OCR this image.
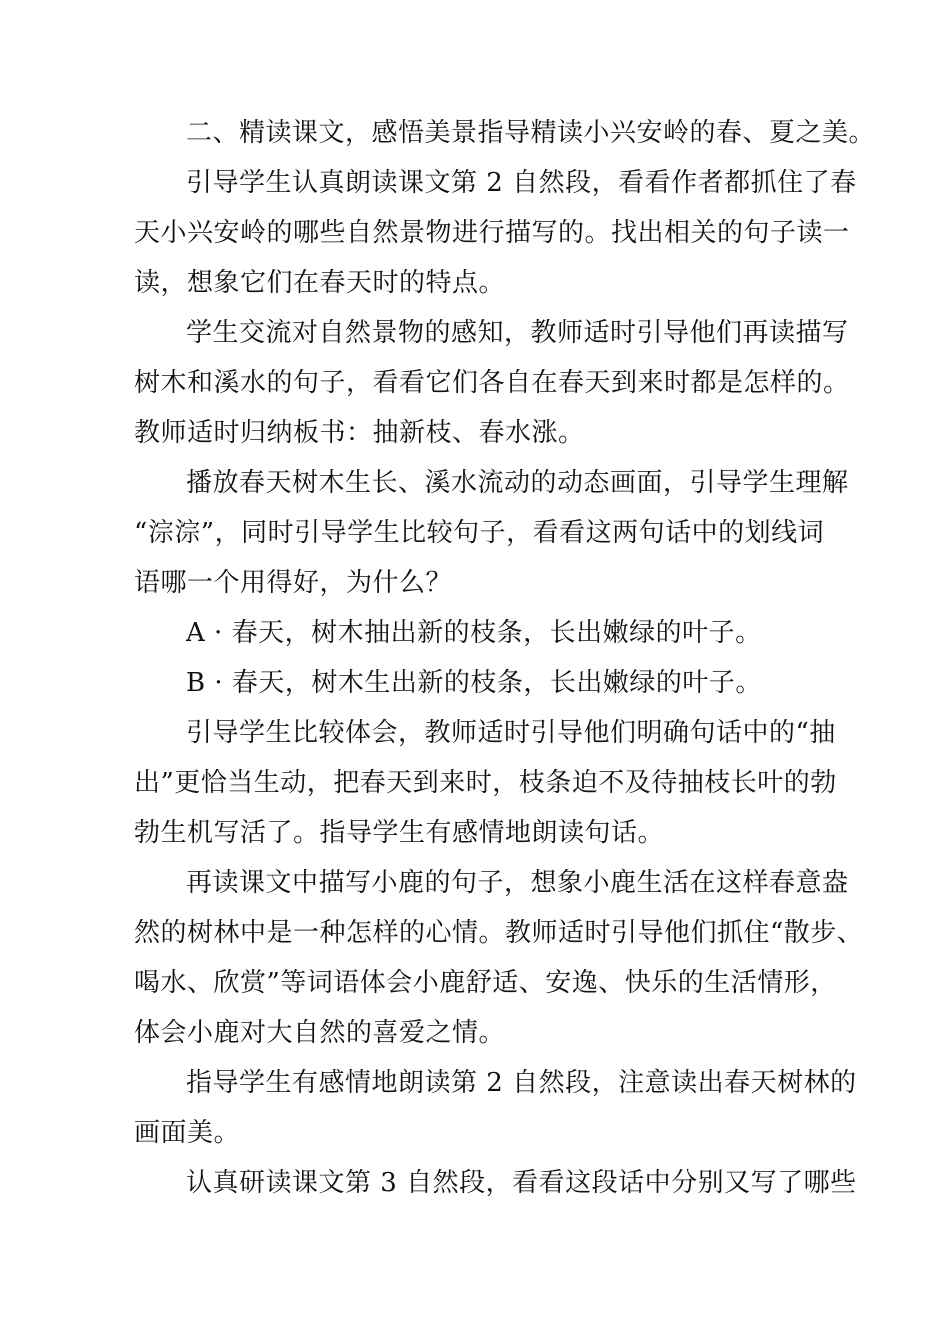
二、精读课文，感悟美景指导精读小兴安岭的春、夏之美。
引导学生认真朗读课文第 2 自然段，看看作者都抓住了春
天小兴安岭的哪些自然景物进行描写的。找出相关的句子读一
读，想象它们在春天时的特点。
学生交流对自然景物的感知，教师适时引导他们再读描写
树木和溪水的句子，看看它们各自在春天到来时都是怎样的。
教师适时归纳板书：抽新枝、春水涨。
播放春天树木生长、溪水流动的动态画面，引导学生理解
“淙淙”，同时引导学生比较句子，看看这两句话中的划线词
语哪一个用得好，为什么？
A · 春天，树木抽出新的枝条，长出嫩绿的叶子。
B · 春天，树木生出新的枝条，长出嫩绿的叶子。
引导学生比较体会，教师适时引导他们明确句话中的“抽
出”更恰当生动，把春天到来时，枝条迫不及待抽枝长叶的勃
勃生机写活了。指导学生有感情地朗读句话。
再读课文中描写小鹿的句子，想象小鹿生活在这样春意盎
然的树林中是一种怎样的心情。教师适时引导他们抓住“散步、
喝水、欣赏”等词语体会小鹿舒适、安逸、快乐的生活情形，
体会小鹿对大自然的喜爱之情。
指导学生有感情地朗读第 2 自然段，注意读出春天树林的
画面美。
认真研读课文第 3 自然段，看看这段话中分别又写了哪些
